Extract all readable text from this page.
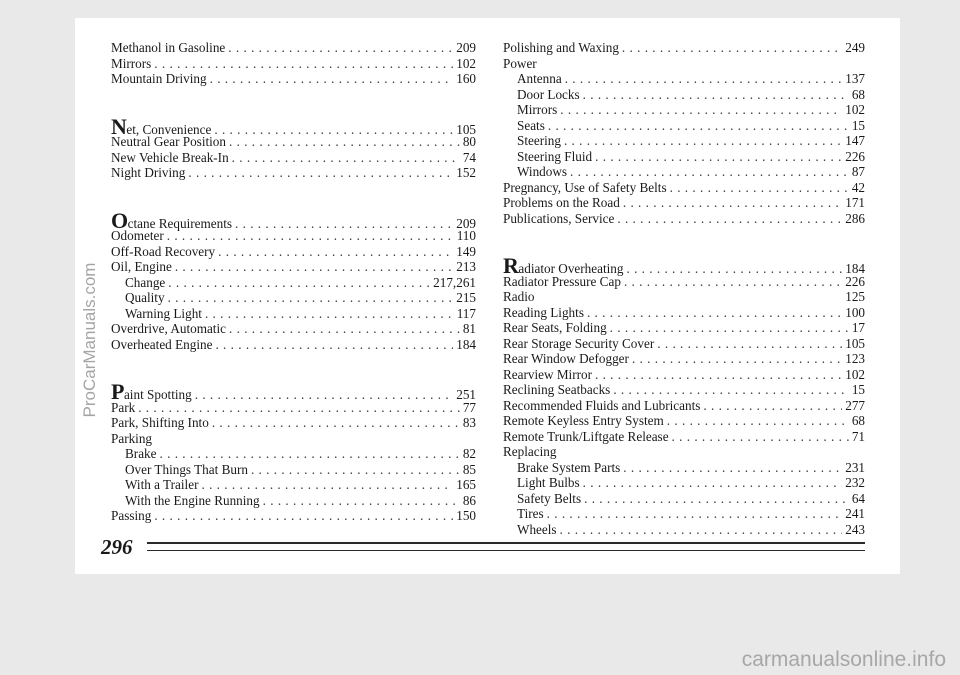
Methanol in Gasoline . . .	209
Mirrors . . .	102
Mountain Driving . . .	160
Net, Convenience . . .	105
Neutral Gear Position . . .	80
New Vehicle Break-In . . .	74
Night Driving . . .	152
Octane Requirements . . .	209
Odometer . . .	110
Off-Road Recovery . . .	149
Oil, Engine . . .	213
Change . . .	217,261
Quality . . .	215
Warning Light . . .	117
Overdrive, Automatic . . .	81
Overheated Engine . . .	184
Paint Spotting . . .	251
Park . . .	77
Park, Shifting Into . . .	83
Parking
Brake . . .	82
Over Things That Burn . . .	85
With a Trailer . . .	165
With the Engine Running . . .	86
Passing . . .	150
Polishing and Waxing . . .	249
Power
Antenna . . .	137
Door Locks . . .	68
Mirrors . . .	102
Seats . . .	15
Steering . . .	147
Steering Fluid . . .	226
Windows . . .	87
Pregnancy, Use of Safety Belts . . .	42
Problems on the Road . . .	171
Publications, Service . . .	286
Radiator Overheating . . .	184
Radiator Pressure Cap . . .	226
Radio	125
Reading Lights . . .	100
Rear Seats, Folding . . .	17
Rear Storage Security Cover . . .	105
Rear Window Defogger . . .	123
Rearview Mirror . . .	102
Reclining Seatbacks . . .	15
Recommended Fluids and Lubricants . . .	277
Remote Keyless Entry System . . .	68
Remote Trunk/Liftgate Release . . .	71
Replacing
Brake System Parts . . .	231
Light Bulbs . . .	232
Safety Belts . . .	64
Tires . . .	241
Wheels . . .	243
296
ProCarManuals.com
carmanualsonline.info
